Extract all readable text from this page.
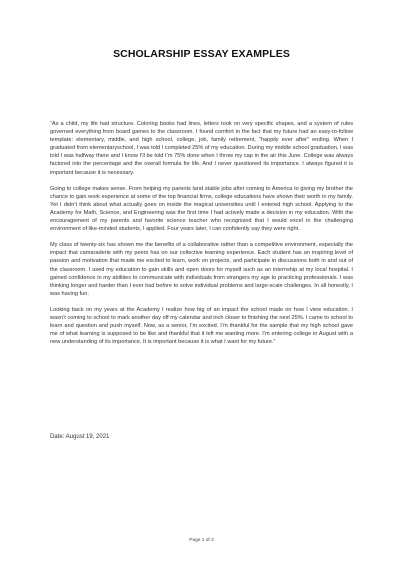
SCHOLARSHIP ESSAY EXAMPLES

“As a child, my life had structure. Coloring books had lines, letters took on very specific shapes, and a system of rules governed everything from board games to the classroom. I found comfort in the fact that my future had an easy-to-follow template: elementary, middle, and high school, college, job, family retirement, “happily ever after” ending. When I graduated from elementaryschool, I was told I completed 25% of my education. During my middle school graduation, I was told I was halfway there and I know I’ll be told I’m 75% done when I throw my cap in the air this June. College was always factored into the percentage and the overall formula for life. And I never questioned its importance. I always figured it is important because it is necessary.

Going to college makes sense. From helping my parents land stable jobs after coming to America to giving my brother the chance to gain work experience at some of the top financial firms, college educations have shown their worth in my family. Yet I didn’t think about what actually goes on inside the magical universities until I entered high school. Applying to the Academy for Math, Science, and Engineering was the first time I had actively made a decision in my education. With the encouragement of my parents and favorite science teacher who recognized that I would excel in the challenging environment of like-minded students, I applied. Four years later, I can confidently say they were right.

My class of twenty-six has shown me the benefits of a collaborative rather than a competitive environment, especially the impact that camaraderie with my peers has on our collective learning experience. Each student has an inspiring level of passion and motivation that made me excited to learn, work on projects, and participate in discussions both in and out of the classroom. I used my education to gain skills and open doors for myself such as an internship at my local hospital. I gained confidence in my abilities to communicate with individuals from strangers my age to practicing professionals. I was thinking longer and harder than I ever had before to solve individual problems and large-scale challenges. In all honestly, I was having fun.

Looking back on my years at the Academy I realize how big of an impact the school made on how I view education. I wasn’t coming to school to mark another day off my calendar and inch closer to finishing the next 25%. I came to school to learn and question and push myself. Now, as a senior, I’m excited. I’m thankful for the sample that my high school gave me of what learning is supposed to be like and thankful that it left me wanting more. I’m entering college in August with a new understanding of its importance. It is important because it is what I want for my future.”

Date: August 19, 2021
Page 1 of 2
